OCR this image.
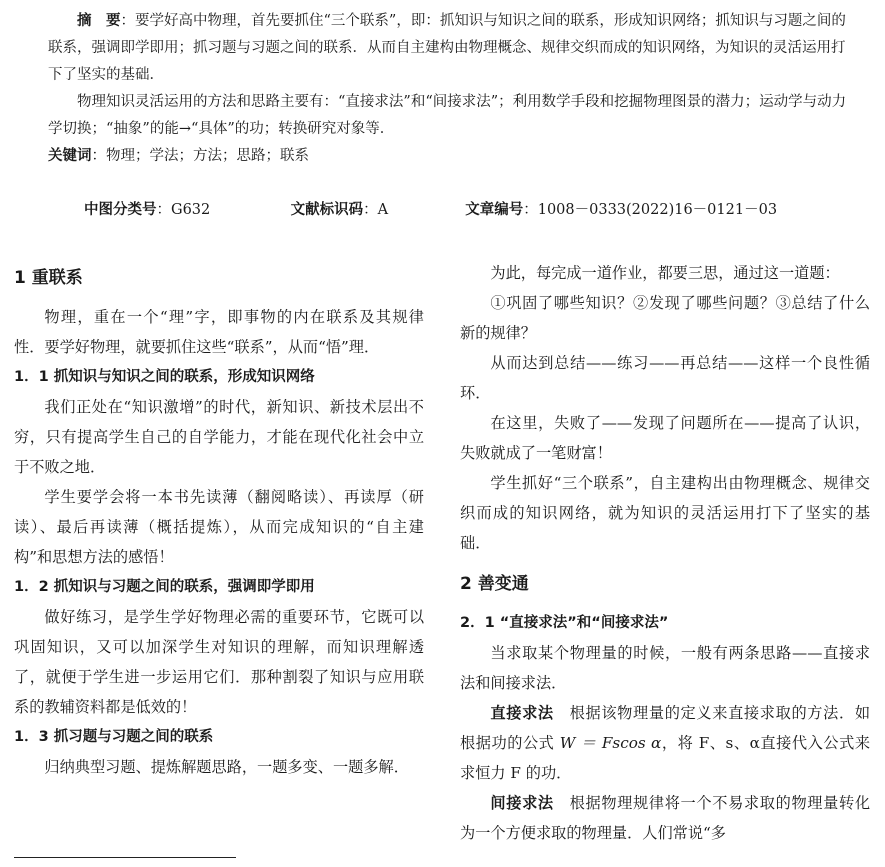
摘　要：要学好高中物理，首先要抓住“三个联系”，即：抓知识与知识之间的联系，形成知识网络；抓知识与习题之间的联系，强调即学即用；抓习题与习题之间的联系．从而自主建构由物理概念、规律交织而成的知识网络，为知识的灵活运用打下了坚实的基础．

物理知识灵活运用的方法和思路主要有：“直接求法”和“间接求法”；利用数学手段和挖掘物理图景的潜力；运动学与动力学切换；“抽象”的能→“具体”的功；转换研究对象等．

关键词：物理；学法；方法；思路；联系

中图分类号：G632	文献标识码：A	文章编号：1008－0333(2022)16－0121－03
1 重联系

物理，重在一个“理”字，即事物的内在联系及其规律性．要学好物理，就要抓住这些“联系”，从而“悟”理．

1．1 抓知识与知识之间的联系，形成知识网络

我们正处在“知识激增”的时代，新知识、新技术层出不穷，只有提高学生自己的自学能力，才能在现代化社会中立于不败之地．

学生要学会将一本书先读薄（翻阅略读）、再读厚（研读）、最后再读薄（概括提炼），从而完成知识的“自主建构”和思想方法的感悟！

1．2 抓知识与习题之间的联系，强调即学即用

做好练习，是学生学好物理必需的重要环节，它既可以巩固知识，又可以加深学生对知识的理解，而知识理解透了，就便于学生进一步运用它们．那种割裂了知识与应用联系的教辅资料都是低效的！

1．3 抓习题与习题之间的联系

归纳典型习题、提炼解题思路，一题多变、一题多解．

为此，每完成一道作业，都要三思，通过这一道题：

①巩固了哪些知识？②发现了哪些问题？③总结了什么新的规律？

从而达到总结——练习——再总结——这样一个良性循环．

在这里，失败了——发现了问题所在——提高了认识，失败就成了一笔财富！

学生抓好“三个联系”，自主建构出由物理概念、规律交织而成的知识网络，就为知识的灵活运用打下了坚实的基础．

2 善变通
2．1 “直接求法”和“间接求法”

当求取某个物理量的时候，一般有两条思路——直接求法和间接求法．

直接求法　根据该物理量的定义来直接求取的方法．如根据功的公式 W ＝ Fscos α，将 F、s、α直接代入公式来求恒力 F 的功．

间接求法　根据物理规律将一个不易求取的物理量转化为一个方便求取的物理量．人们常说“多
